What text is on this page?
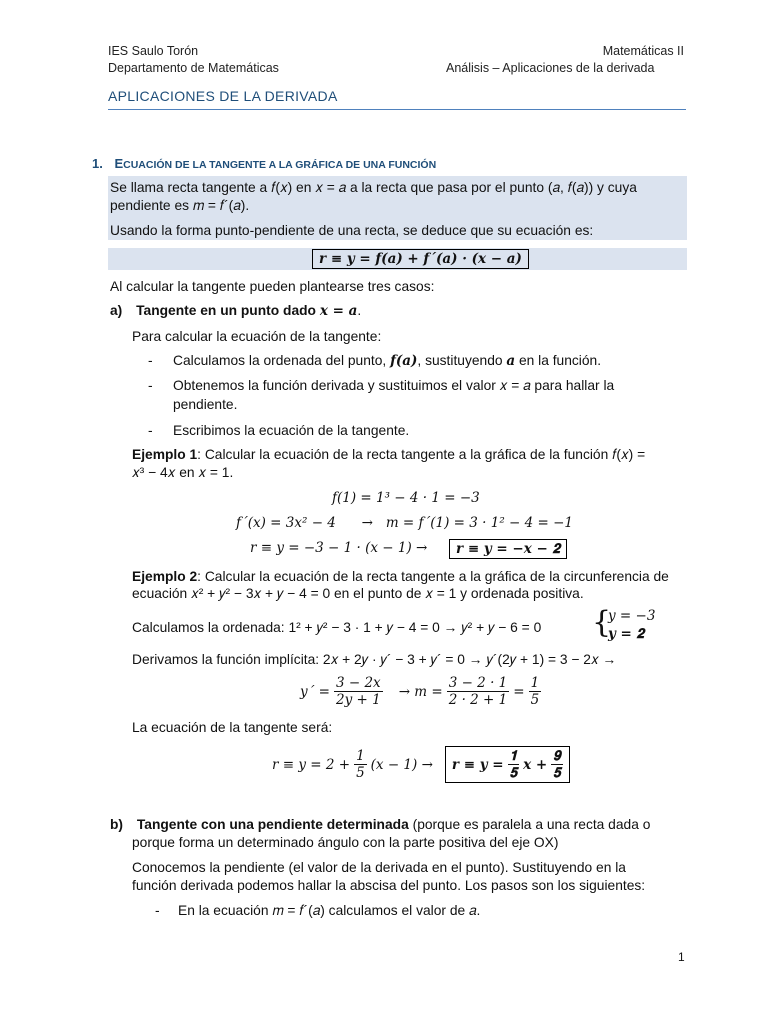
IES Saulo Torón
Departamento de Matemáticas
Matemáticas II
Análisis – Aplicaciones de la derivada
APLICACIONES DE LA DERIVADA
1. ECUACIÓN DE LA TANGENTE A LA GRÁFICA DE UNA FUNCIÓN
Se llama recta tangente a 𝑓(𝑥) en 𝑥 = 𝑎 a la recta que pasa por el punto (𝑎, 𝑓(𝑎)) y cuya
pendiente es 𝑚 = 𝑓´(𝑎).
Usando la forma punto-pendiente de una recta, se deduce que su ecuación es:
𝒓 ≡ 𝒚 = 𝒇(𝒂) + 𝒇´(𝒂) · (𝒙 − 𝒂)
Al calcular la tangente pueden plantearse tres casos:
a) Tangente en un punto dado 𝒙 = 𝒂.
Para calcular la ecuación de la tangente:
- Calculamos la ordenada del punto, 𝒇(𝒂), sustituyendo 𝒂 en la función.
- Obtenemos la función derivada y sustituimos el valor 𝑥 = 𝑎 para hallar la
pendiente.
- Escribimos la ecuación de la tangente.
Ejemplo 1: Calcular la ecuación de la recta tangente a la gráfica de la función 𝑓(𝑥) =
𝑥³ − 4𝑥 en 𝑥 = 1.
𝑓(1) = 1³ − 4 · 1 = −3
𝑓´(𝑥) = 3𝑥² − 4      →   𝑚 = 𝑓´(1) = 3 · 1² − 4 = −1
𝑟 ≡ 𝑦 = −3 − 1 · (𝑥 − 1) →	𝒓 ≡ 𝒚 = −𝒙 − 𝟐
Ejemplo 2: Calcular la ecuación de la recta tangente a la gráfica de la circunferencia de
ecuación 𝑥² + 𝑦² − 3𝑥 + 𝑦 − 4 = 0 en el punto de 𝑥 = 1 y ordenada positiva.
Calculamos la ordenada: 1² + 𝑦² − 3 · 1 + 𝑦 − 4 = 0 → 𝑦² + 𝑦 − 6 = 0 {
𝑦 = −3
𝒚 = 𝟐
Derivamos la función implícita: 2𝑥 + 2𝑦 · 𝑦´ − 3 + 𝑦´ = 0 → 𝑦´(2𝑦 + 1) = 3 − 2𝑥 →
𝑦´ = $\frac{\text{3 − 2𝑥}}{\text{2𝑦 + 1}}$ → 𝑚 = $\frac{3 - 2 \cdot 1}{2 \cdot 2 + 1} = \frac{1}{5}$
La ecuación de la tangente será:
𝑟 ≡ 𝑦 = $2 + \frac{1}{5}$ (𝑥 − 1) → 𝒓 ≡ 𝒚 = $\frac{𝟏}{𝟓}$ 𝒙 + $\frac{𝟗}{𝟓}$
b) Tangente con una pendiente determinada (porque es paralela a una recta dada o
porque forma un determinado ángulo con la parte positiva del eje OX)
Conocemos la pendiente (el valor de la derivada en el punto). Sustituyendo en la
función derivada podemos hallar la abscisa del punto. Los pasos son los siguientes:
- En la ecuación 𝑚 = 𝑓´(𝑎) calculamos el valor de 𝑎.
1
